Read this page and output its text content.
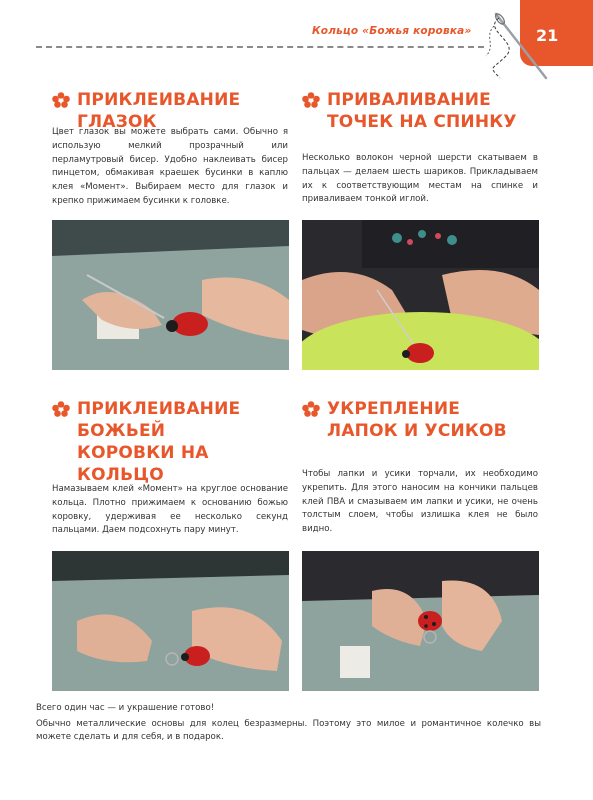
Кольцо «Божья коровка»	21
ПРИКЛЕИВАНИЕ ГЛАЗОК

Цвет глазок вы можете выбрать сами. Обычно я использую мелкий прозрачный или перламутровый бисер. Удобно наклеивать бисер пинцетом, обмакивая краешек бусинки в каплю клея «Момент». Выбираем место для глазок и крепко прижимаем бусинки к головке.

ПРИВАЛИВАНИЕ ТОЧЕК НА СПИНКУ

Несколько волокон черной шерсти скатываем в пальцах — делаем шесть шариков. Прикладываем их к соответствующим местам на спинке и приваливаем тонкой иглой.

ПРИКЛЕИВАНИЕ БОЖЬЕЙ КОРОВКИ НА КОЛЬЦО

Намазываем клей «Момент» на круглое основание кольца. Плотно прижимаем к основанию божью коровку, удерживая ее несколько секунд пальцами. Даем подсохнуть пару минут.

УКРЕПЛЕНИЕ ЛАПОК И УСИКОВ

Чтобы лапки и усики торчали, их необходимо укрепить. Для этого наносим на кончики пальцев клей ПВА и смазываем им лапки и усики, не очень толстым слоем, чтобы излишка клея не было видно.

Всего один час — и украшение готово!

Обычно металлические основы для колец безразмерны. Поэтому это милое и романтичное колечко вы можете сделать и для себя, и в подарок.
